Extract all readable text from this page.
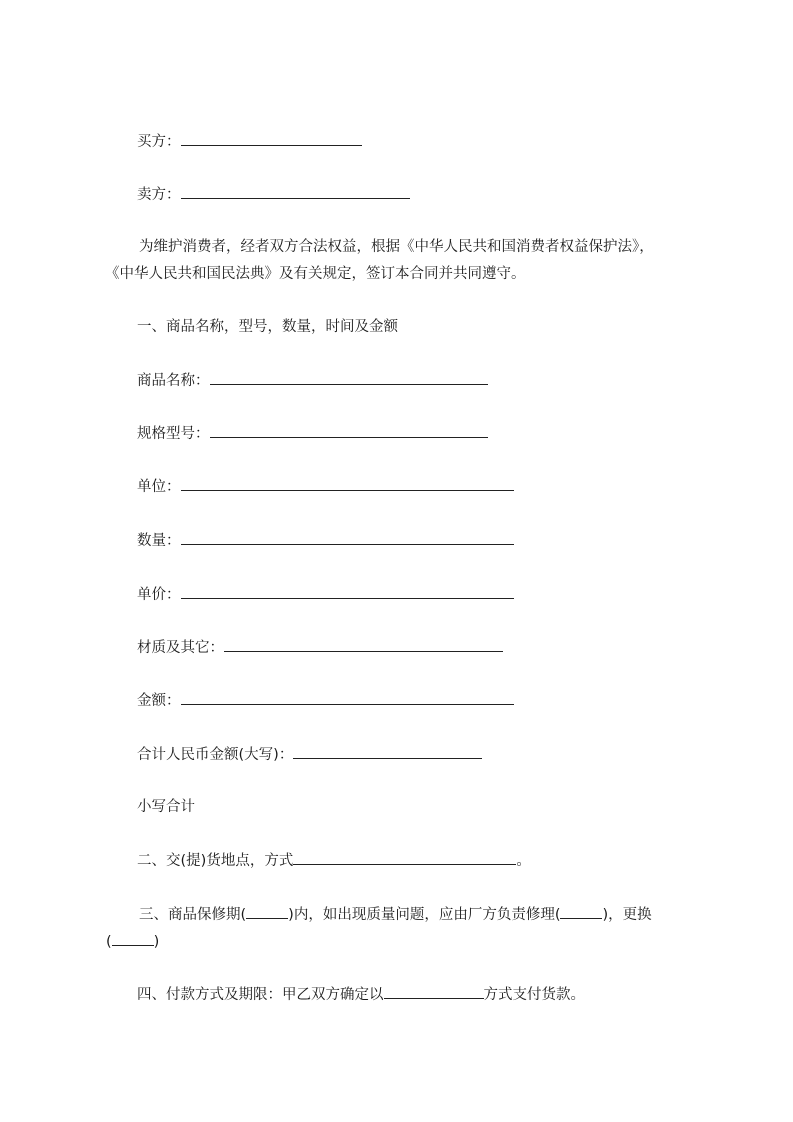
买方：
卖方：
为维护消费者，经者双方合法权益，根据《中华人民共和国消费者权益保护法》，
《中华人民共和国民法典》及有关规定，签订本合同并共同遵守。
一、商品名称，型号，数量，时间及金额
商品名称：
规格型号：
单位：
数量：
单价：
材质及其它：
金额：
合计人民币金额(大写)：
小写合计
二、交(提)货地点，方式	。
三、商品保修期(	)内，如出现质量问题，应由厂方负责修理(	)，更换
(	)
四、付款方式及期限：甲乙双方确定以	方式支付货款。
